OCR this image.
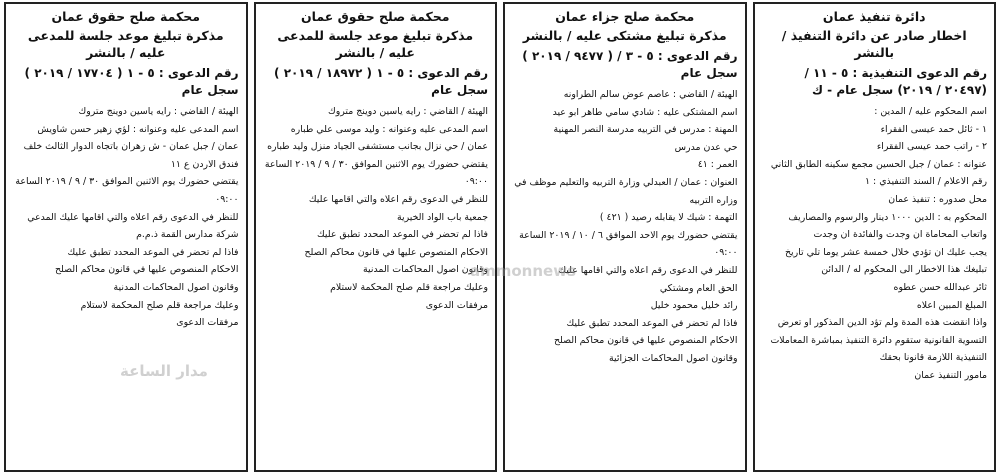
دائرة تنفيذ عمان
اخطار صادر عن دائرة التنفيذ / بالنشر
رقم الدعوى التنفيذية : ٥ - ١١ / (٢٠٤٩٧ / ٢٠١٩) سجل عام - ك

اسم المحكوم عليه / المدين :

١ - ثائل حمد عيسى الفقراء

٢ - راتب حمد عيسى الفقراء

عنوانه : عمان / جبل الحسين مجمع سكينه الطابق الثاني

رقم الاعلام / السند التنفيذي : ١

محل صدوره : تنفيذ عمان

المحكوم به : الدين ١٠٠٠ دينار والرسوم والمصاريف واتعاب المحاماة ان وجدت والفائدة ان وجدت

يجب عليك ان تؤدي خلال خمسة عشر يوما تلي تاريخ تبليغك هذا الاخطار الى المحكوم له / الدائن

ثائر عبدالله حسن عطوه

المبلغ المبين اعلاه

واذا انقضت هذه المدة ولم تؤد الدين المذكور او تعرض التسوية القانونية ستقوم دائرة التنفيذ بمباشرة المعاملات التنفيذية اللازمة قانونا بحقك

مامور التنفيذ عمان

محكمة صلح جزاء عمان
مذكرة تبليغ مشتكى عليه / بالنشر
رقم الدعوى : ٥ - ٣ / ( ٩٤٧٧ / ٢٠١٩ ) سجل عام

الهيئة / القاضي : عاصم عوض سالم الطراونه

اسم المشتكى عليه : شادي سامي طاهر ابو عيد

المهنة : مدرس في التربيه مدرسة النصر المهنية

حي عدن مدرس

العمر : ٤١

العنوان : عمان / العبدلي وزارة التربيه والتعليم موظف في وزاره التربيه

التهمة : شيك لا يقابله رصيد ( ٤٢١ )

يقتضي حضورك يوم الاحد الموافق ٦ / ١٠ / ٢٠١٩ الساعة ٠٩:٠٠

للنظر في الدعوى رقم اعلاه والتي اقامها عليك

الحق العام ومشتكي

رائد خليل محمود خليل

فاذا لم تحضر في الموعد المحدد تطبق عليك

الاحكام المنصوص عليها في قانون محاكم الصلح

وقانون اصول المحاكمات الجزائية

محكمة صلح حقوق عمان
مذكرة تبليغ موعد جلسة للمدعى عليه / بالنشر
رقم الدعوى : ٥ - ١ ( ١٨٩٧٢ / ٢٠١٩ ) سجل عام

الهيئة / القاضي : رايه ياسين دوينج متروك

اسم المدعى عليه وعنوانه : وليد موسى علي طباره

عمان / حي نزال بجانب مستشفى الجياد منزل وليد طباره

يقتضي حضورك يوم الاثنين الموافق ٣٠ / ٩ / ٢٠١٩ الساعة ٠٩:٠٠

للنظر في الدعوى رقم اعلاه والتي اقامها عليك

جمعية باب الواد الخيرية

فاذا لم تحضر في الموعد المحدد تطبق عليك

الاحكام المنصوص عليها في قانون محاكم الصلح

وقانون اصول المحاكمات المدنية

وعليك مراجعة قلم صلح المحكمة لاستلام

مرفقات الدعوى

محكمة صلح حقوق عمان
مذكرة تبليغ موعد جلسة للمدعى عليه / بالنشر
رقم الدعوى : ٥ - ١ ( ١٧٧٠٤ / ٢٠١٩ ) سجل عام

الهيئة / القاضي : رايه ياسين دوينج متروك

اسم المدعى عليه وعنوانه : لؤي زهير حسن شاويش

عمان / جبل عمان - ش زهران باتجاه الدوار الثالث خلف فندق الاردن ع ١١

يقتضي حضورك يوم الاثنين الموافق ٣٠ / ٩ / ٢٠١٩ الساعة ٠٩:٠٠

للنظر في الدعوى رقم اعلاه والتي اقامها عليك المدعي

شركة مدارس القمة ذ.م.م

فاذا لم تحضر في الموعد المحدد تطبق عليك

الاحكام المنصوص عليها في قانون محاكم الصلح

وقانون اصول المحاكمات المدنية

وعليك مراجعة قلم صلح المحكمة لاستلام

مرفقات الدعوى

ammonnews
مدار الساعة
